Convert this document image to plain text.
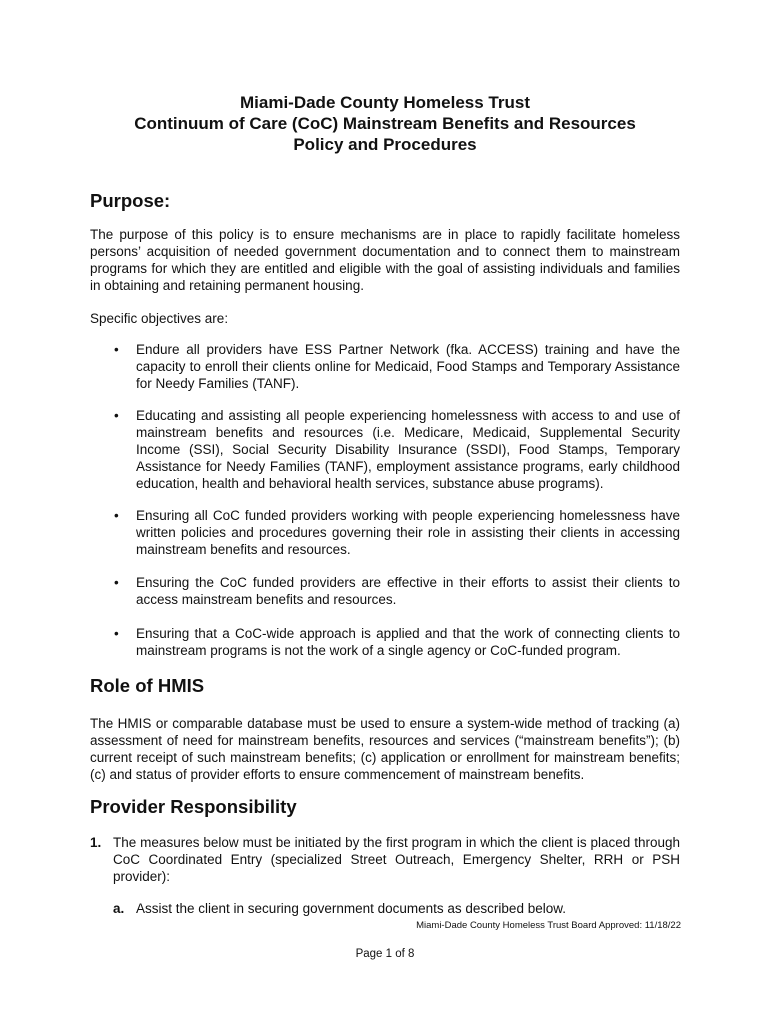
Miami-Dade County Homeless Trust
Continuum of Care (CoC) Mainstream Benefits and Resources
Policy and Procedures
Purpose:

The purpose of this policy is to ensure mechanisms are in place to rapidly facilitate homeless persons’ acquisition of needed government documentation and to connect them to mainstream programs for which they are entitled and eligible with the goal of assisting individuals and families in obtaining and retaining permanent housing.

Specific objectives are:

• Endure all providers have ESS Partner Network (fka. ACCESS) training and have the capacity to enroll their clients online for Medicaid, Food Stamps and Temporary Assistance for Needy Families (TANF).
• Educating and assisting all people experiencing homelessness with access to and use of mainstream benefits and resources (i.e. Medicare, Medicaid, Supplemental Security Income (SSI), Social Security Disability Insurance (SSDI), Food Stamps, Temporary Assistance for Needy Families (TANF), employment assistance programs, early childhood education, health and behavioral health services, substance abuse programs).
• Ensuring all CoC funded providers working with people experiencing homelessness have written policies and procedures governing their role in assisting their clients in accessing mainstream benefits and resources.
• Ensuring the CoC funded providers are effective in their efforts to assist their clients to access mainstream benefits and resources.
• Ensuring that a CoC-wide approach is applied and that the work of connecting clients to mainstream programs is not the work of a single agency or CoC-funded program.
Role of HMIS

The HMIS or comparable database must be used to ensure a system-wide method of tracking (a) assessment of need for mainstream benefits, resources and services (“mainstream benefits”); (b) current receipt of such mainstream benefits; (c) application or enrollment for mainstream benefits; (c) and status of provider efforts to ensure commencement of mainstream benefits.

Provider Responsibility
1. The measures below must be initiated by the first program in which the client is placed through CoC Coordinated Entry (specialized Street Outreach, Emergency Shelter, RRH or PSH provider):
a. Assist the client in securing government documents as described below.
Miami-Dade County Homeless Trust Board Approved: 11/18/22
Page 1 of 8
